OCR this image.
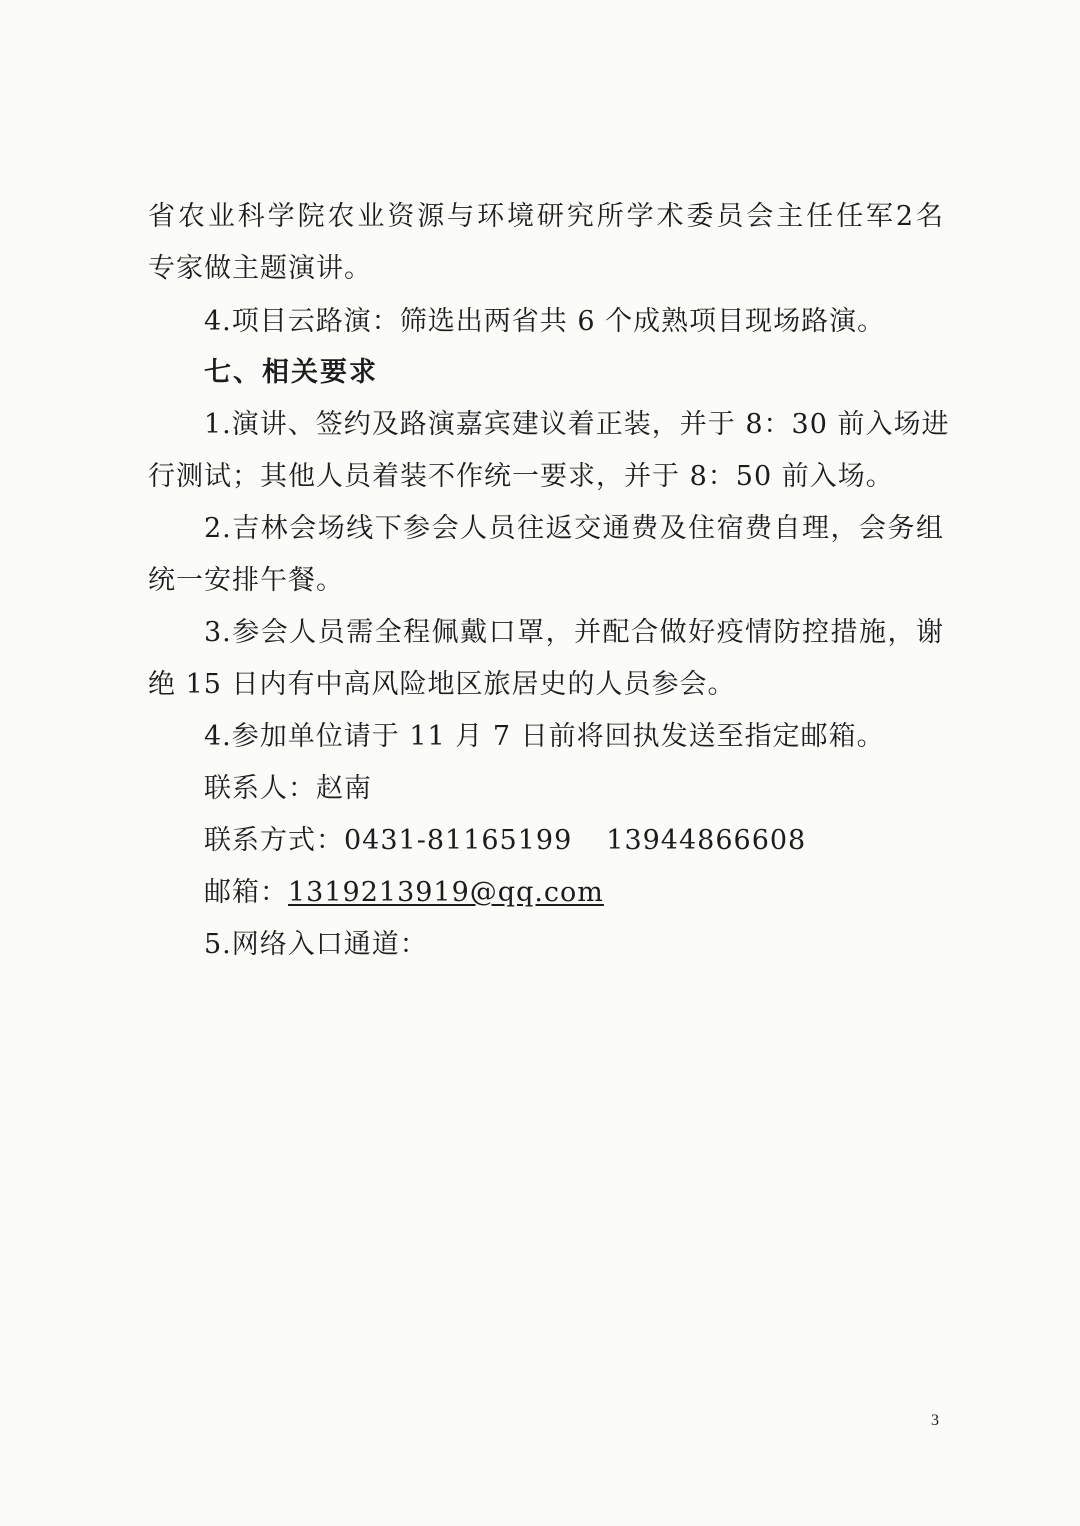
省农业科学院农业资源与环境研究所学术委员会主任任军2名
专家做主题演讲。
4.项目云路演：筛选出两省共 6 个成熟项目现场路演。
七、相关要求
1.演讲、签约及路演嘉宾建议着正装，并于 8：30 前入场进
行测试；其他人员着装不作统一要求，并于 8：50 前入场。
2.吉林会场线下参会人员往返交通费及住宿费自理，会务组
统一安排午餐。
3.参会人员需全程佩戴口罩，并配合做好疫情防控措施，谢
绝 15 日内有中高风险地区旅居史的人员参会。
4.参加单位请于 11 月 7 日前将回执发送至指定邮箱。
联系人：赵南
联系方式：0431-81165199 13944866608
邮箱：1319213919@qq.com
5.网络入口通道：
3
